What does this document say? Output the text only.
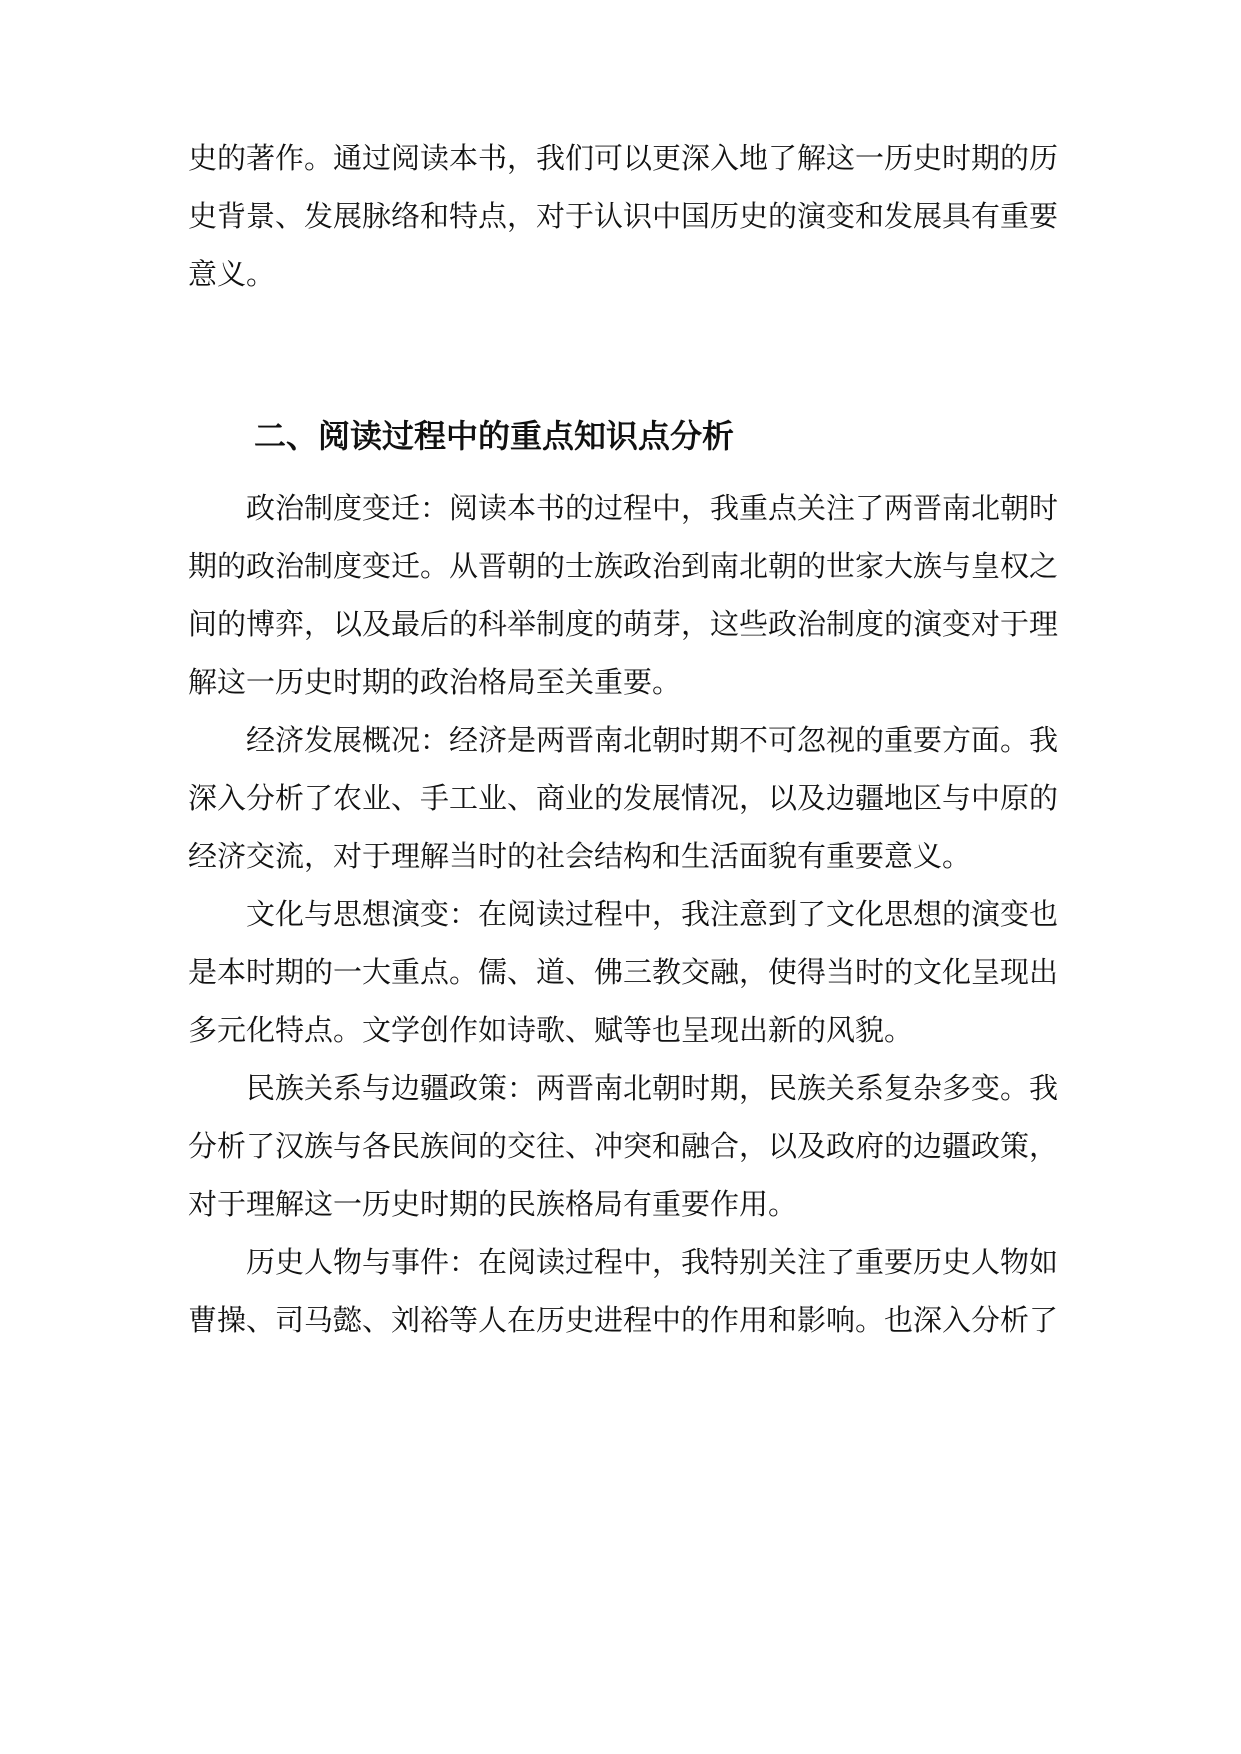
史的著作。通过阅读本书，我们可以更深入地了解这一历史时期的历
史背景、发展脉络和特点，对于认识中国历史的演变和发展具有重要
意义。
二、阅读过程中的重点知识点分析
政治制度变迁：阅读本书的过程中，我重点关注了两晋南北朝时
期的政治制度变迁。从晋朝的士族政治到南北朝的世家大族与皇权之
间的博弈，以及最后的科举制度的萌芽，这些政治制度的演变对于理
解这一历史时期的政治格局至关重要。
经济发展概况：经济是两晋南北朝时期不可忽视的重要方面。我
深入分析了农业、手工业、商业的发展情况，以及边疆地区与中原的
经济交流，对于理解当时的社会结构和生活面貌有重要意义。
文化与思想演变：在阅读过程中，我注意到了文化思想的演变也
是本时期的一大重点。儒、道、佛三教交融，使得当时的文化呈现出
多元化特点。文学创作如诗歌、赋等也呈现出新的风貌。
民族关系与边疆政策：两晋南北朝时期，民族关系复杂多变。我
分析了汉族与各民族间的交往、冲突和融合，以及政府的边疆政策，
对于理解这一历史时期的民族格局有重要作用。
历史人物与事件：在阅读过程中，我特别关注了重要历史人物如
曹操、司马懿、刘裕等人在历史进程中的作用和影响。也深入分析了
